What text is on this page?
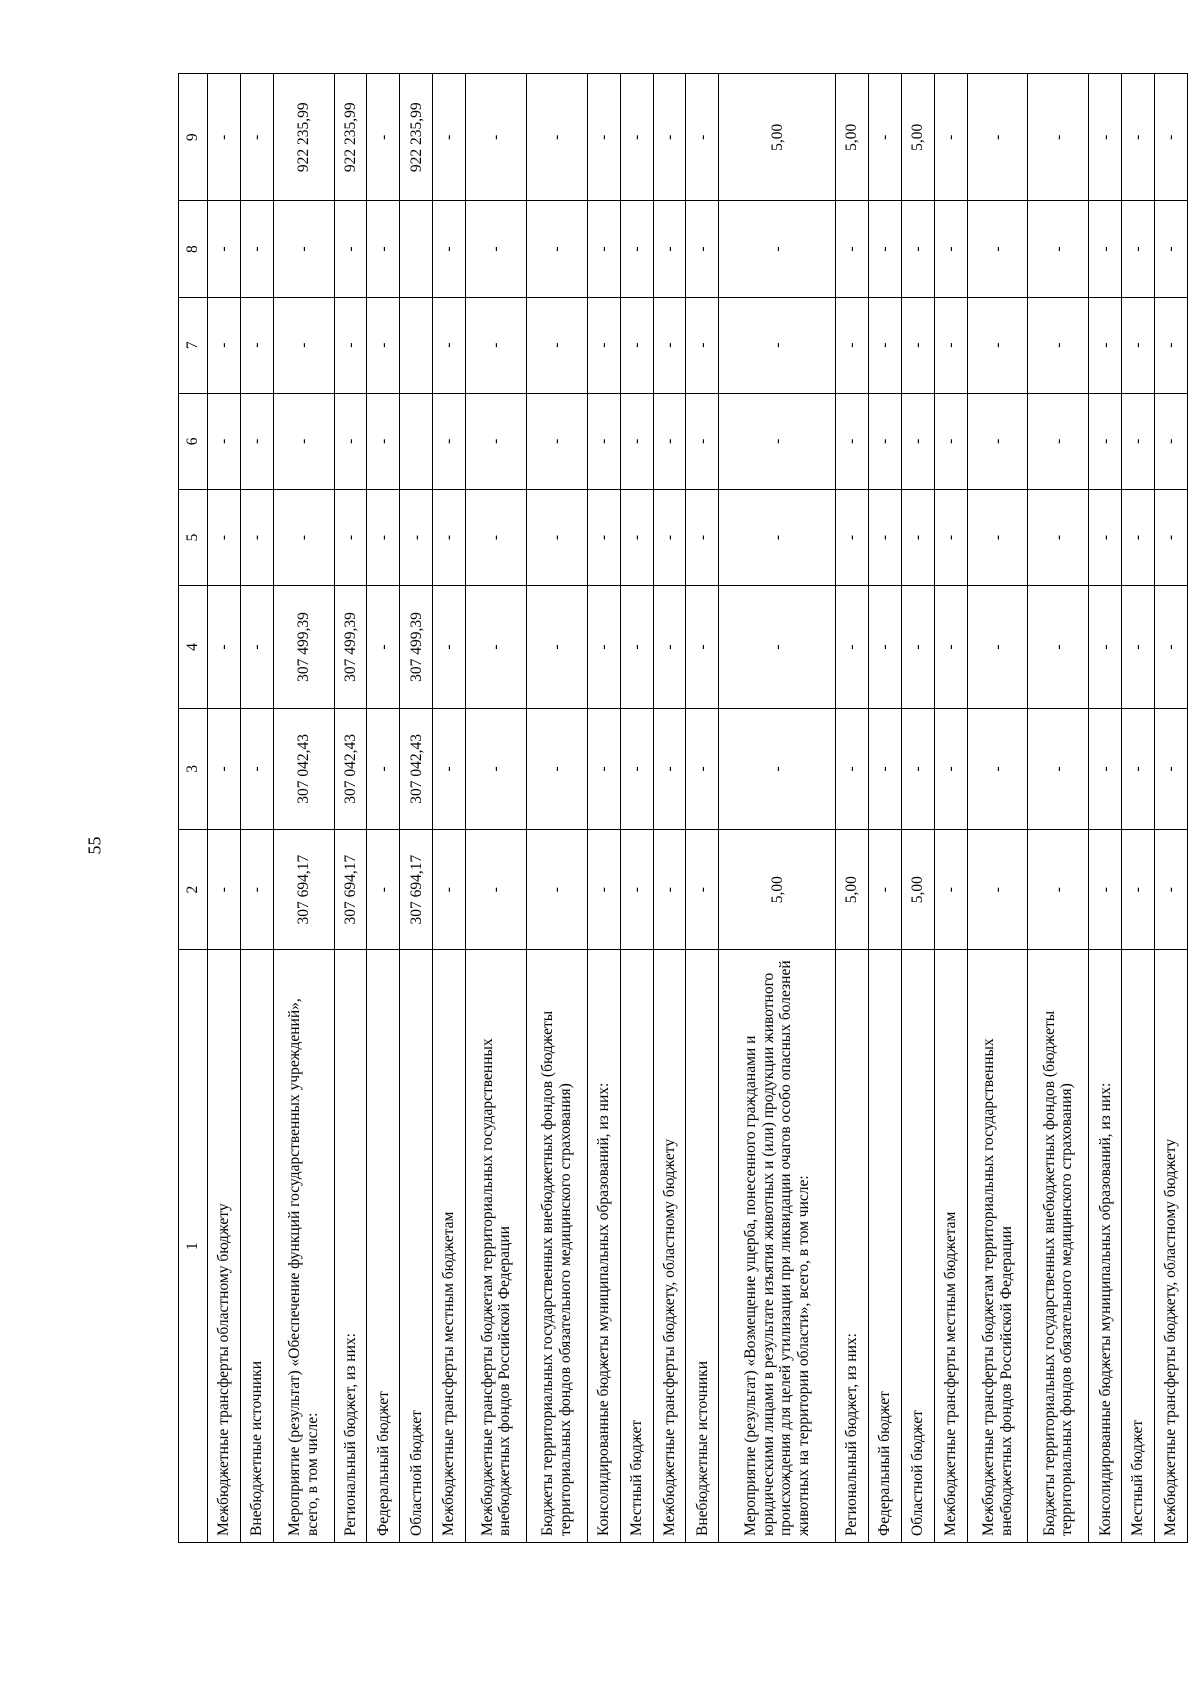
55
1	2	3	4	5	6	7	8	9
Межбюджетные трансферты областному бюджету	-	-	-	-	-	-	-	-
Внебюджетные источники	-	-	-	-	-	-	-	-
Мероприятие (результат) «Обеспечение функций государственных учреждений», всего, в том числе:	307 694,17	307 042,43	307 499,39	-	-	-	-	922 235,99
Региональный бюджет, из них:	307 694,17	307 042,43	307 499,39	-	-	-	-	922 235,99
Федеральный бюджет	-	-	-	-	-	-	-	-
Областной бюджет	307 694,17	307 042,43	307 499,39	-				922 235,99
Межбюджетные трансферты местным бюджетам	-	-	-	-	-	-	-	-
Межбюджетные трансферты бюджетам территориальных государственных внебюджетных фондов Российской Федерации	-	-	-	-	-	-	-	-
Бюджеты территориальных государственных внебюджетных фондов (бюджеты территориальных фондов обязательного медицинского страхования)	-	-	-	-	-	-	-	-
Консолидированные бюджеты муниципальных образований, из них:	-	-	-	-	-	-	-	-
Местный бюджет	-	-	-	-	-	-	-	-
Межбюджетные трансферты бюджету, областному бюджету	-	-	-	-	-	-	-	-
Внебюджетные источники	-	-	-	-	-	-	-	-
Мероприятие (результат) «Возмещение ущерба, понесенного гражданами и юридическими лицами в результате изъятия животных и (или) продукции животного происхождения для целей утилизации при ликвидации очагов особо опасных болезней животных на территории области», всего, в том числе:	5,00	-	-	-	-	-	-	5,00
Региональный бюджет, из них:	5,00	-	-	-	-	-	-	5,00
Федеральный бюджет	-	-	-	-	-	-	-	-
Областной бюджет	5,00	-	-	-	-	-	-	5,00
Межбюджетные трансферты местным бюджетам	-	-	-	-	-	-	-	-
Межбюджетные трансферты бюджетам территориальных государственных внебюджетных фондов Российской Федерации	-	-	-	-	-	-	-	-
Бюджеты территориальных государственных внебюджетных фондов (бюджеты территориальных фондов обязательного медицинского страхования)	-	-	-	-	-	-	-	-
Консолидированные бюджеты муниципальных образований, из них:	-	-	-	-	-	-	-	-
Местный бюджет	-	-	-	-	-	-	-	-
Межбюджетные трансферты бюджету, областному бюджету	-	-	-	-	-	-	-	-
